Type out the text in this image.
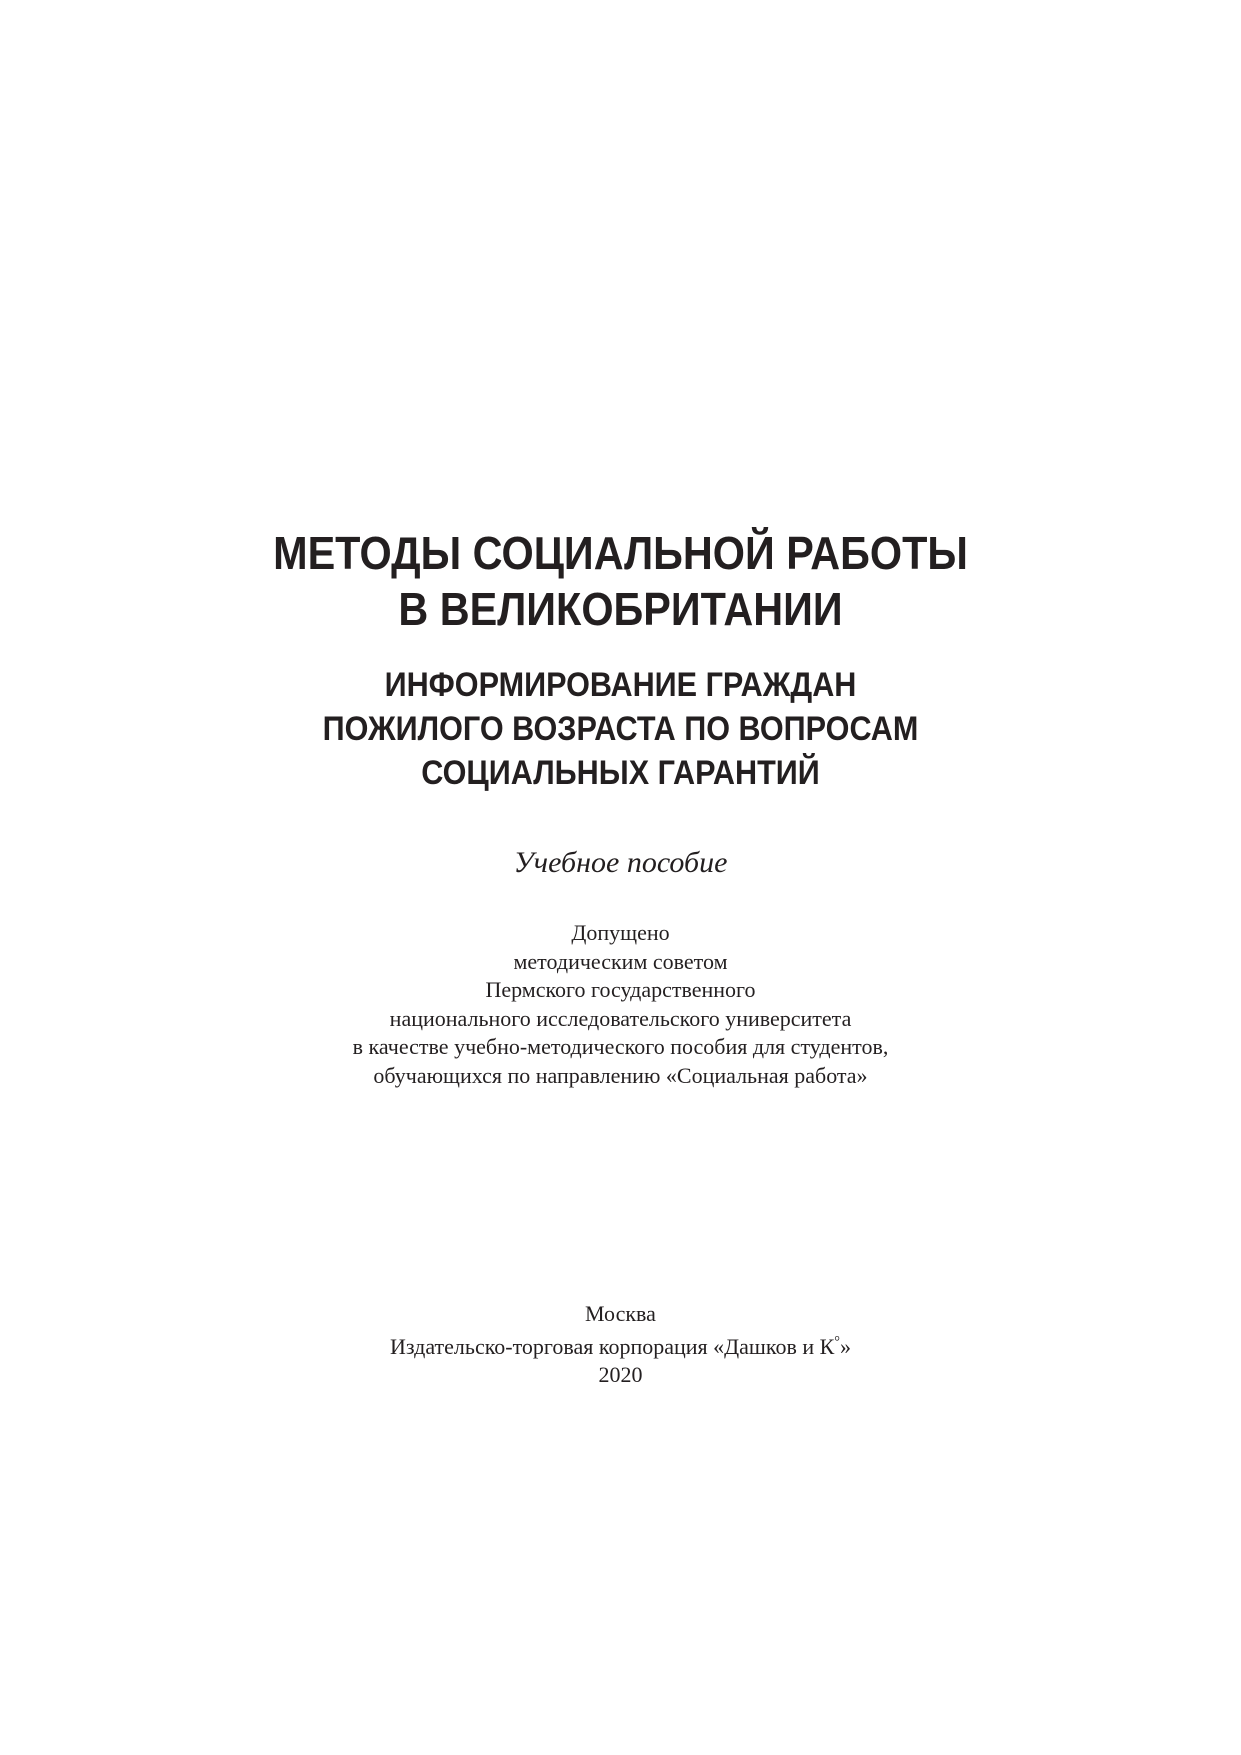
МЕТОДЫ СОЦИАЛЬНОЙ РАБОТЫ
В ВЕЛИКОБРИТАНИИ
ИНФОРМИРОВАНИЕ ГРАЖДАН
ПОЖИЛОГО ВОЗРАСТА ПО ВОПРОСАМ
СОЦИАЛЬНЫХ ГАРАНТИЙ
Учебное пособие
Допущено
методическим советом
Пермского государственного
национального исследовательского университета
в качестве учебно-методического пособия для студентов,
обучающихся по направлению «Социальная работа»
Москва
Издательско-торговая корпорация «Дашков и К°»
2020
